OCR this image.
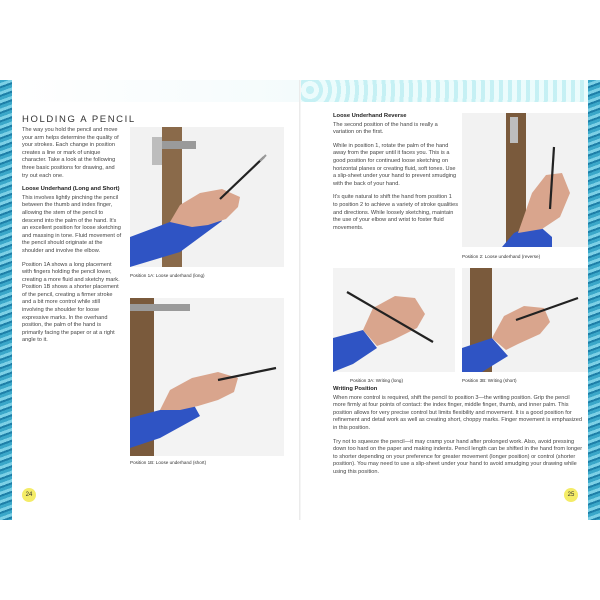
HOLDING A PENCIL

The way you hold the pencil and move your arm helps determine the quality of your strokes. Each change in position creates a line or mark of unique character. Take a look at the following three basic positions for drawing, and try out each one.

Loose Underhand (Long and Short)

This involves lightly pinching the pencil between the thumb and index finger, allowing the stem of the pencil to descend into the palm of the hand. It's an excellent position for loose sketching and massing in tone. Fluid movement of the pencil should originate at the shoulder and involve the elbow.

Position 1A shows a long placement with fingers holding the pencil lower, creating a more fluid and sketchy mark. Position 1B shows a shorter placement of the pencil, creating a firmer stroke and a bit more control while still involving the shoulder for loose expressive marks. In the overhand position, the palm of the hand is primarily facing the paper or at a right angle to it.

Position 1A: Loose underhand (long)
Position 1B: Loose underhand (short)
24
Loose Underhand Reverse

The second position of the hand is really a variation on the first.

While in position 1, rotate the palm of the hand away from the paper until it faces you. This is a good position for continued loose sketching on horizontal planes or creating fluid, soft tones. Use a slip-sheet under your hand to prevent smudging with the back of your hand.

It's quite natural to shift the hand from position 1 to position 2 to achieve a variety of stroke qualities and directions. While loosely sketching, maintain the use of your elbow and wrist to foster fluid movements.

Position 2: Loose underhand (reverse)
Position 3A: Writing (long)	Position 3B: Writing (short)
Writing Position

When more control is required, shift the pencil to position 3—the writing position. Grip the pencil more firmly at four points of contact: the index finger, middle finger, thumb, and inner palm. This position allows for very precise control but limits flexibility and movement. It is a good position for refinement and detail work as well as creating short, choppy marks. Finger movement is emphasized in this position.

Try not to squeeze the pencil—it may cramp your hand after prolonged work. Also, avoid pressing down too hard on the paper and making indents. Pencil length can be shifted in the hand from longer to shorter depending on your preference for greater movement (longer position) or control (shorter position). You may need to use a slip-sheet under your hand to avoid smudging your drawing while using this position.

25
